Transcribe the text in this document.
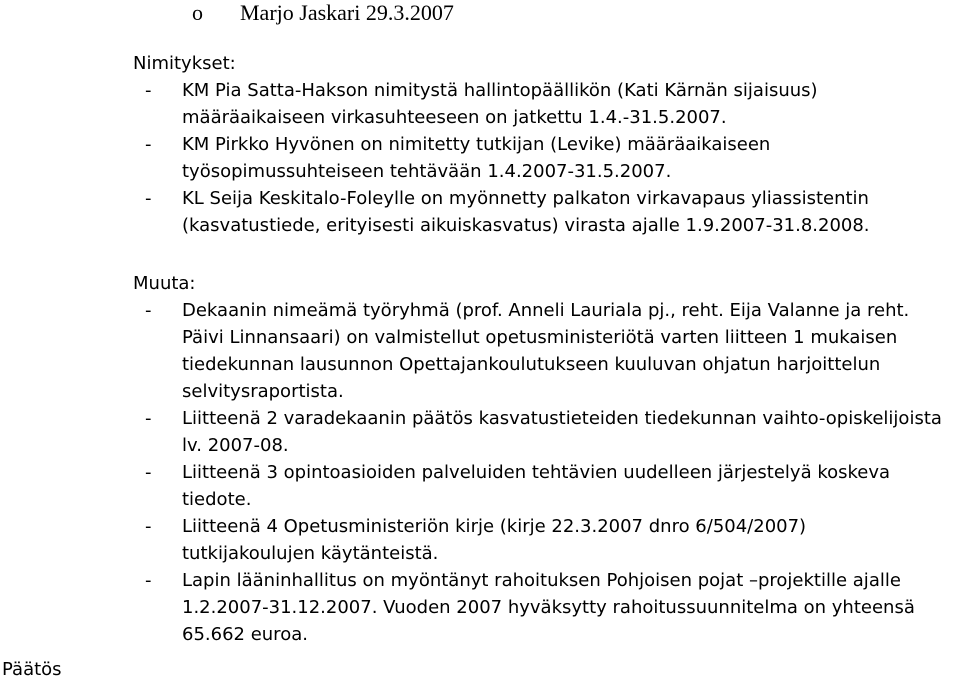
o Marjo Jaskari 29.3.2007
Nimitykset:
- KM Pia Satta-Hakson nimitystä hallintopäällikön (Kati Kärnän sijaisuus) määräaikaiseen virkasuhteeseen on jatkettu 1.4.-31.5.2007.
- KM Pirkko Hyvönen on nimitetty tutkijan (Levike) määräaikaiseen työsopimussuhteiseen tehtävään 1.4.2007-31.5.2007.
- KL Seija Keskitalo-Foleylle on myönnetty palkaton virkavapaus yliassistentin (kasvatustiede, erityisesti aikuiskasvatus) virasta ajalle 1.9.2007-31.8.2008.
Muuta:
- Dekaanin nimeämä työryhmä (prof. Anneli Lauriala pj., reht. Eija Valanne ja reht. Päivi Linnansaari) on valmistellut opetusministeriötä varten liitteen 1 mukaisen tiedekunnan lausunnon Opettajankoulutukseen kuuluvan ohjatun harjoittelun selvitysraportista.
- Liitteenä 2 varadekaanin päätös kasvatustieteiden tiedekunnan vaihto-opiskelijoista lv. 2007-08.
- Liitteenä 3 opintoasioiden palveluiden tehtävien uudelleen järjestelyä koskeva tiedote.
- Liitteenä 4 Opetusministeriön kirje (kirje 22.3.2007 dnro 6/504/2007) tutkijakoulujen käytänteistä.
- Lapin lääninhallitus on myöntänyt rahoituksen Pohjoisen pojat –projektille ajalle 1.2.2007-31.12.2007. Vuoden 2007 hyväksytty rahoitussuunnitelma on yhteensä 65.662 euroa.
Päätös
